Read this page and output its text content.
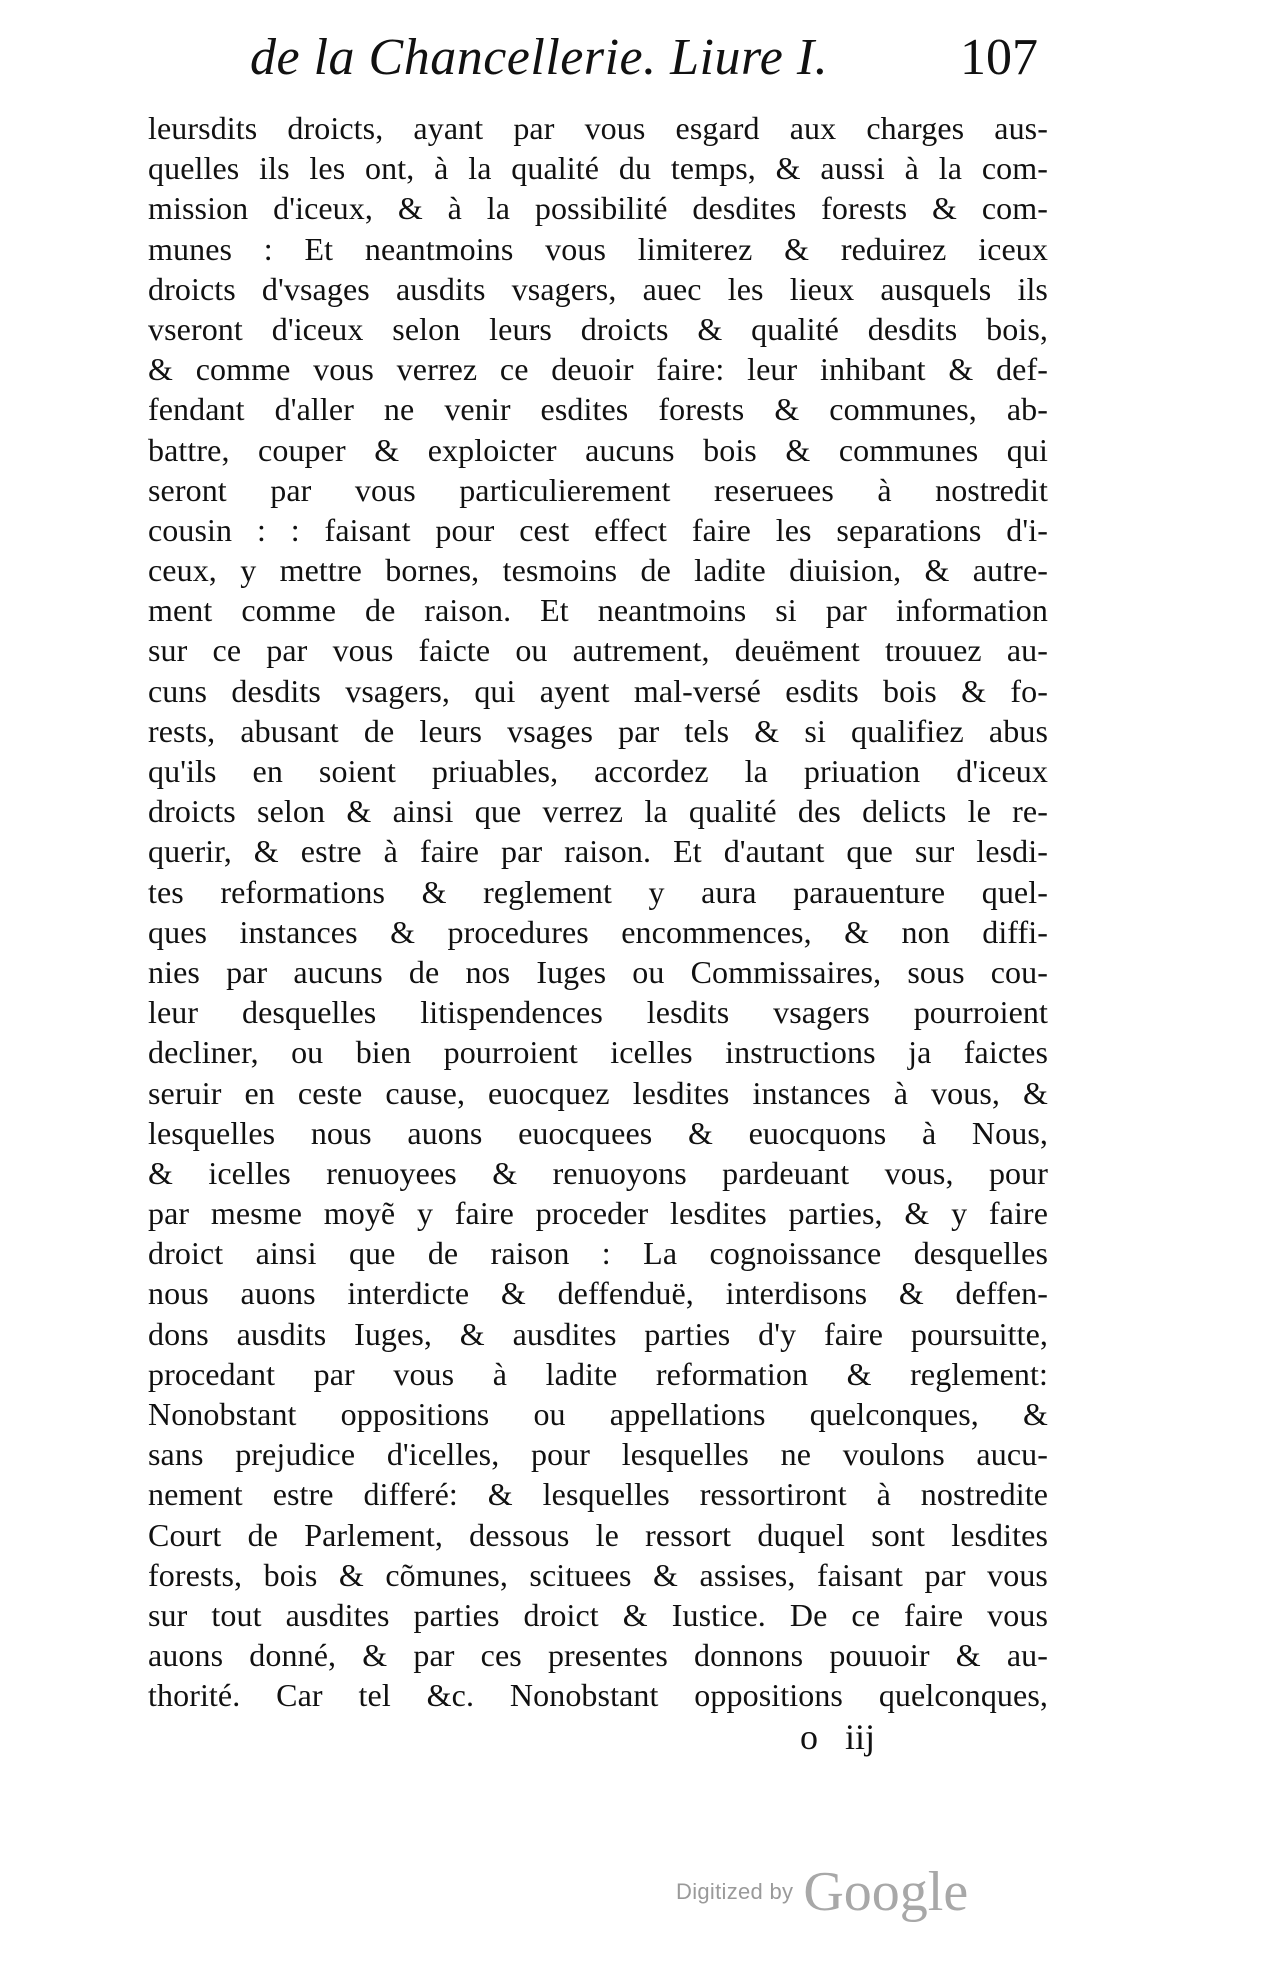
de la Chancellerie. Liure I.	107
leursdits droicts, ayant par vous esgard aux charges aus-
quelles ils les ont, à la qualité du temps, & aussi à la com-
mission d'iceux, & à la possibilité desdites forests & com-
munes : Et neantmoins vous limiterez & reduirez iceux
droicts d'vsages ausdits vsagers, auec les lieux ausquels ils
vseront d'iceux selon leurs droicts & qualité desdits bois,
& comme vous verrez ce deuoir faire: leur inhibant & def-
fendant d'aller ne venir esdites forests & communes, ab-
battre, couper & exploicter aucuns bois & communes qui
seront par vous particulierement reseruees à nostredit
cousin : : faisant pour cest effect faire les separations d'i-
ceux, y mettre bornes, tesmoins de ladite diuision, & autre-
ment comme de raison. Et neantmoins si par information
sur ce par vous faicte ou autrement, deuëment trouuez au-
cuns desdits vsagers, qui ayent mal-versé esdits bois & fo-
rests, abusant de leurs vsages par tels & si qualifiez abus
qu'ils en soient priuables, accordez la priuation d'iceux
droicts selon & ainsi que verrez la qualité des delicts le re-
querir, & estre à faire par raison. Et d'autant que sur lesdi-
tes reformations & reglement y aura parauenture quel-
ques instances & procedures encommences, & non diffi-
nies par aucuns de nos Iuges ou Commissaires, sous cou-
leur desquelles litispendences lesdits vsagers pourroient
decliner, ou bien pourroient icelles instructions ja faictes
seruir en ceste cause, euocquez lesdites instances à vous, &
lesquelles nous auons euocquees & euocquons à Nous,
& icelles renuoyees & renuoyons pardeuant vous, pour
par mesme moyẽ y faire proceder lesdites parties, & y faire
droict ainsi que de raison : La cognoissance desquelles
nous auons interdicte & deffenduë, interdisons & deffen-
dons ausdits Iuges, & ausdites parties d'y faire poursuitte,
procedant par vous à ladite reformation & reglement:
Nonobstant oppositions ou appellations quelconques, &
sans prejudice d'icelles, pour lesquelles ne voulons aucu-
nement estre differé: & lesquelles ressortiront à nostredite
Court de Parlement, dessous le ressort duquel sont lesdites
forests, bois & cõmunes, scituees & assises, faisant par vous
sur tout ausdites parties droict & Iustice. De ce faire vous
auons donné, & par ces presentes donnons pouuoir & au-
thorité. Car tel &c. Nonobstant oppositions quelconques,
o iij
Digitized by Google
